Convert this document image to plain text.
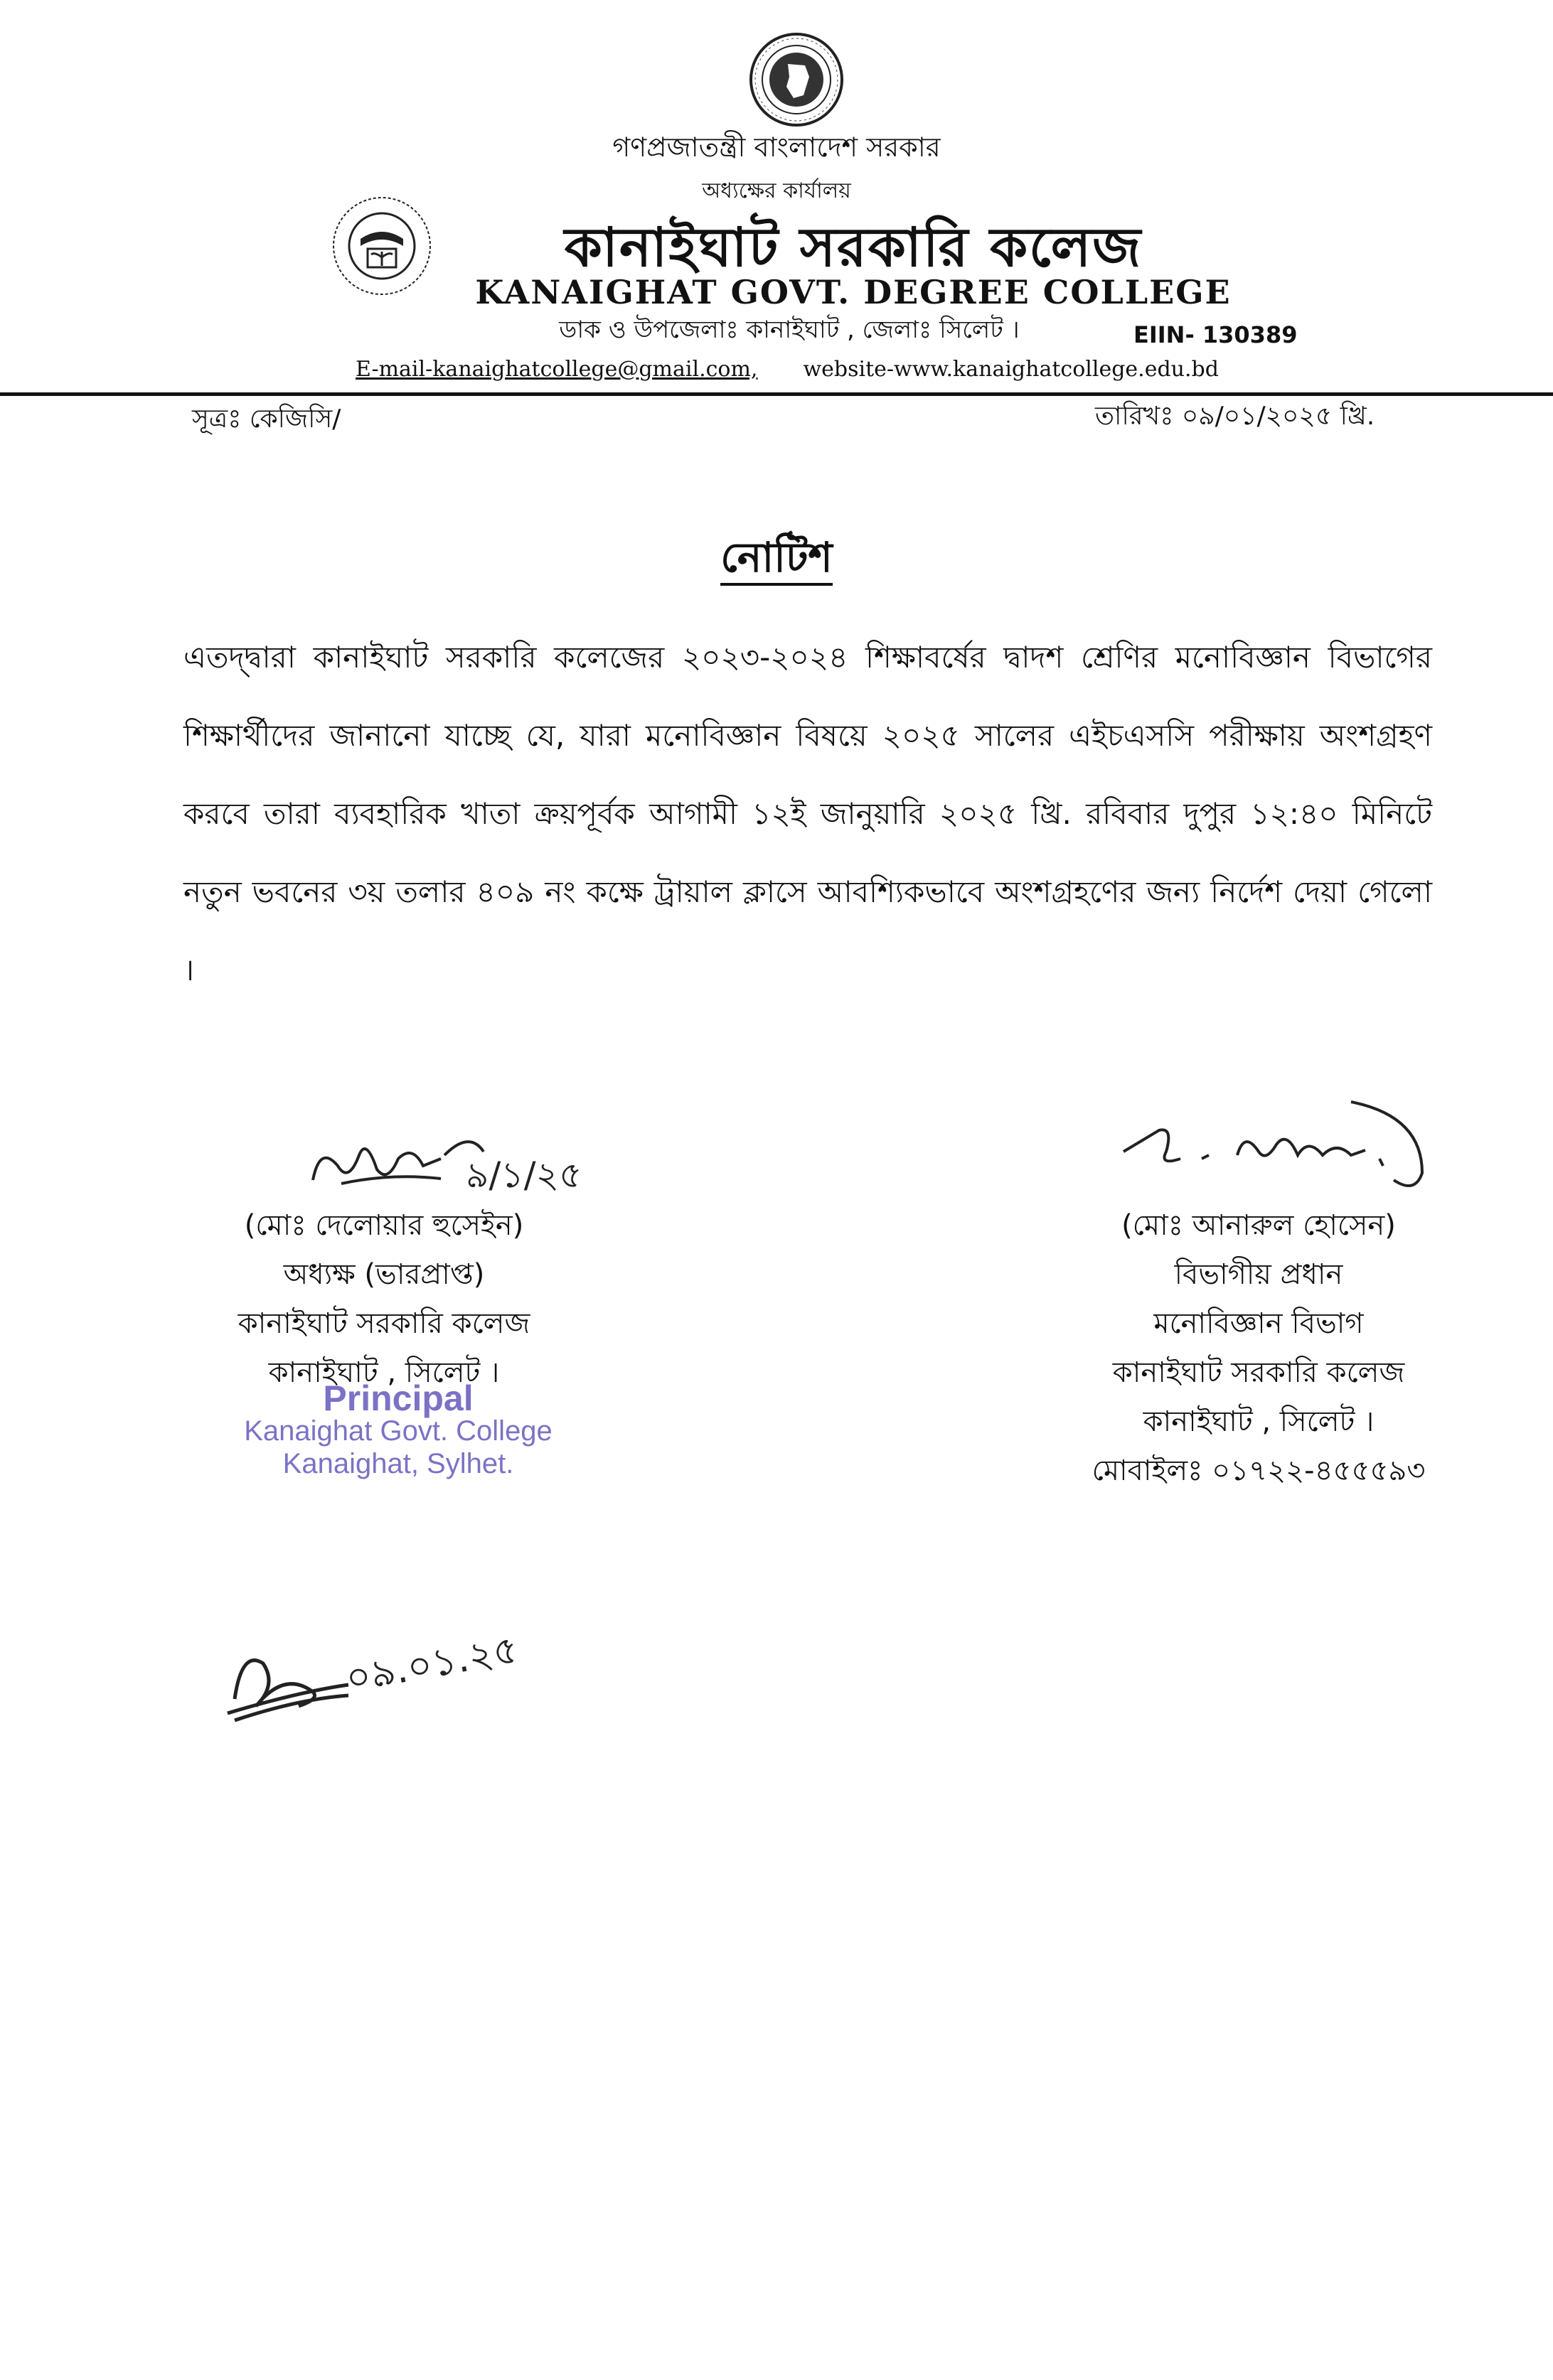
গণপ্রজাতন্ত্রী বাংলাদেশ সরকার
অধ্যক্ষের কার্যালয়
কানাইঘাট সরকারি কলেজ
KANAIGHAT GOVT. DEGREE COLLEGE
ডাক ও উপজেলাঃ কানাইঘাট , জেলাঃ সিলেট ।	EIIN- 130389
E-mail-kanaighatcollege@gmail.com, website-www.kanaighatcollege.edu.bd
সূত্রঃ কেজিসি/	তারিখঃ ০৯/০১/২০২৫ খ্রি.
নোটিশ
এতদ্‌দ্বারা কানাইঘাট সরকারি কলেজের ২০২৩-২০২৪ শিক্ষাবর্ষের দ্বাদশ শ্রেণির মনোবিজ্ঞান বিভাগের শিক্ষার্থীদের জানানো যাচ্ছে যে, যারা মনোবিজ্ঞান বিষয়ে ২০২৫ সালের এইচএসসি পরীক্ষায় অংশগ্রহণ করবে তারা ব্যবহারিক খাতা ক্রয়পূর্বক আগামী ১২ই জানুয়ারি ২০২৫ খ্রি. রবিবার দুপুর ১২:৪০ মিনিটে নতুন ভবনের ৩য় তলার ৪০৯ নং কক্ষে ট্রায়াল ক্লাসে আবশ্যিকভাবে অংশগ্রহণের জন্য নির্দেশ দেয়া গেলো ।
৯/১/২৫
(মোঃ দেলোয়ার হুসেইন)
অধ্যক্ষ (ভারপ্রাপ্ত)
কানাইঘাট সরকারি কলেজ
কানাইঘাট , সিলেট ।
Principal
Kanaighat Govt. College
Kanaighat, Sylhet.
(মোঃ আনারুল হোসেন)
বিভাগীয় প্রধান
মনোবিজ্ঞান বিভাগ
কানাইঘাট সরকারি কলেজ
কানাইঘাট , সিলেট ।
মোবাইলঃ ০১৭২২-৪৫৫৫৯৩
০৯.০১.২৫
